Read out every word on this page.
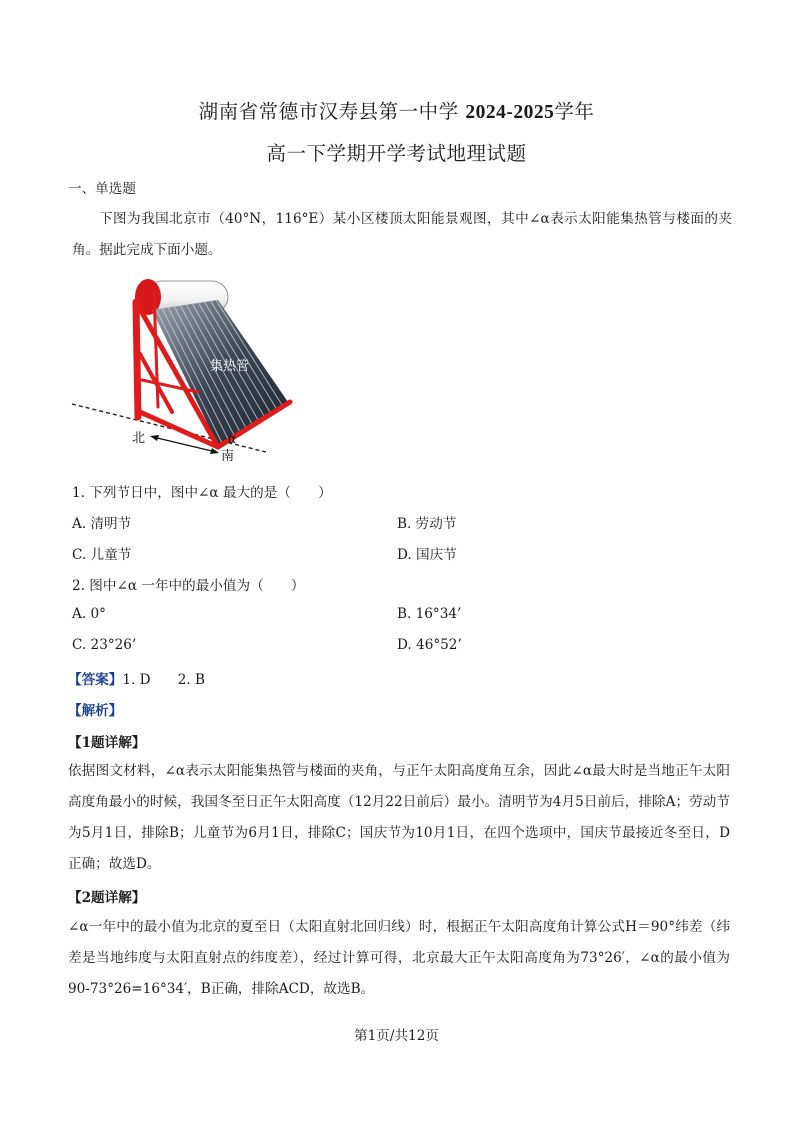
湖南省常德市汉寿县第一中学 2024-2025学年
高一下学期开学考试地理试题
一、单选题
下图为我国北京市（40°N，116°E）某小区楼顶太阳能景观图，其中∠α表示太阳能集热管与楼面的夹角。据此完成下面小题。
集热管
北
南
α
1. 下列节日中，图中∠α 最大的是（　　）
A. 清明节	B. 劳动节
C. 儿童节	D. 国庆节
2. 图中∠α 一年中的最小值为（　　）
A. 0°	B. 16°34’
C. 23°26’	D. 46°52’
【答案】1. D　　2. B
【解析】
【1题详解】
依据图文材料，∠α表示太阳能集热管与楼面的夹角，与正午太阳高度角互余，因此∠α最大时是当地正午太阳高度角最小的时候，我国冬至日正午太阳高度（12月22日前后）最小。清明节为4月5日前后，排除A；劳动节为5月1日，排除B；儿童节为6月1日，排除C；国庆节为10月1日，在四个选项中，国庆节最接近冬至日，D正确；故选D。
【2题详解】
∠α一年中的最小值为北京的夏至日（太阳直射北回归线）时，根据正午太阳高度角计算公式H＝90°纬差（纬差是当地纬度与太阳直射点的纬度差），经过计算可得，北京最大正午太阳高度角为73°26′，∠α的最小值为90-73°26=16°34′，B正确，排除ACD，故选B。
第1页/共12页
